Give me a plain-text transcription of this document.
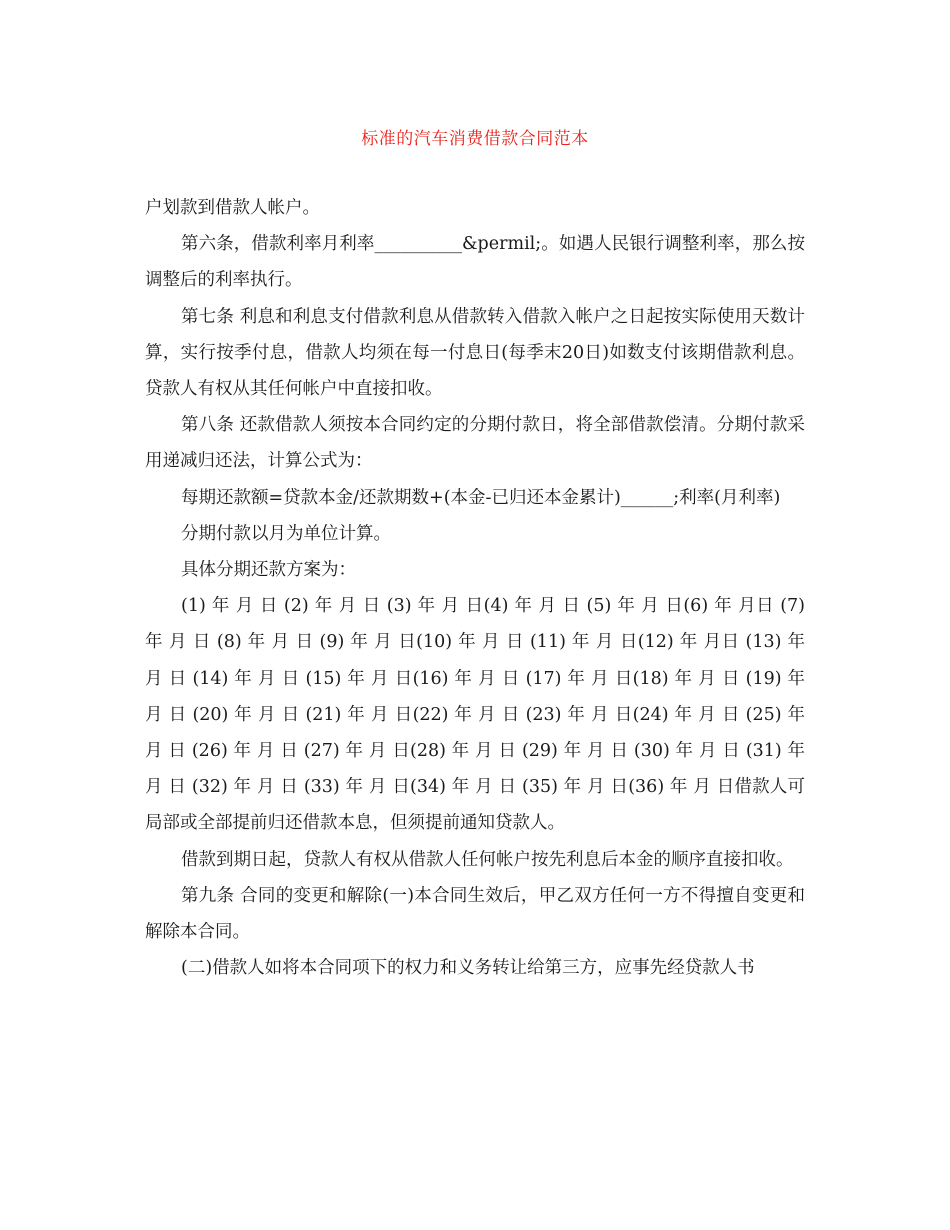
标准的汽车消费借款合同范本

户划款到借款人帐户。

第六条，借款利率月利率__________&permil;。如遇人民银行调整利率，那么按调整后的利率执行。

第七条 利息和利息支付借款利息从借款转入借款入帐户之日起按实际使用天数计算，实行按季付息，借款人均须在每一付息日(每季末20日)如数支付该期借款利息。贷款人有权从其任何帐户中直接扣收。

第八条 还款借款人须按本合同约定的分期付款日，将全部借款偿清。分期付款采用递减归还法，计算公式为：

每期还款额=贷款本金/还款期数+(本金-已归还本金累计)______;利率(月利率)

分期付款以月为单位计算。

具体分期还款方案为：

(1) 年 月 日 (2) 年 月 日 (3) 年 月 日(4) 年 月 日 (5) 年 月 日(6) 年 月日 (7) 年 月 日 (8) 年 月 日 (9) 年 月 日(10) 年 月 日 (11) 年 月 日(12) 年 月日 (13) 年 月 日 (14) 年 月 日 (15) 年 月 日(16) 年 月 日 (17) 年 月 日(18) 年 月 日 (19) 年 月 日 (20) 年 月 日 (21) 年 月 日(22) 年 月 日 (23) 年 月 日(24) 年 月 日 (25) 年 月 日 (26) 年 月 日 (27) 年 月 日(28) 年 月 日 (29) 年 月 日 (30) 年 月 日 (31) 年 月 日 (32) 年 月 日 (33) 年 月 日(34) 年 月 日 (35) 年 月 日(36) 年 月 日借款人可局部或全部提前归还借款本息，但须提前通知贷款人。

借款到期日起，贷款人有权从借款人任何帐户按先利息后本金的顺序直接扣收。

第九条 合同的变更和解除(一)本合同生效后，甲乙双方任何一方不得擅自变更和解除本合同。

(二)借款人如将本合同项下的权力和义务转让给第三方，应事先经贷款人书
